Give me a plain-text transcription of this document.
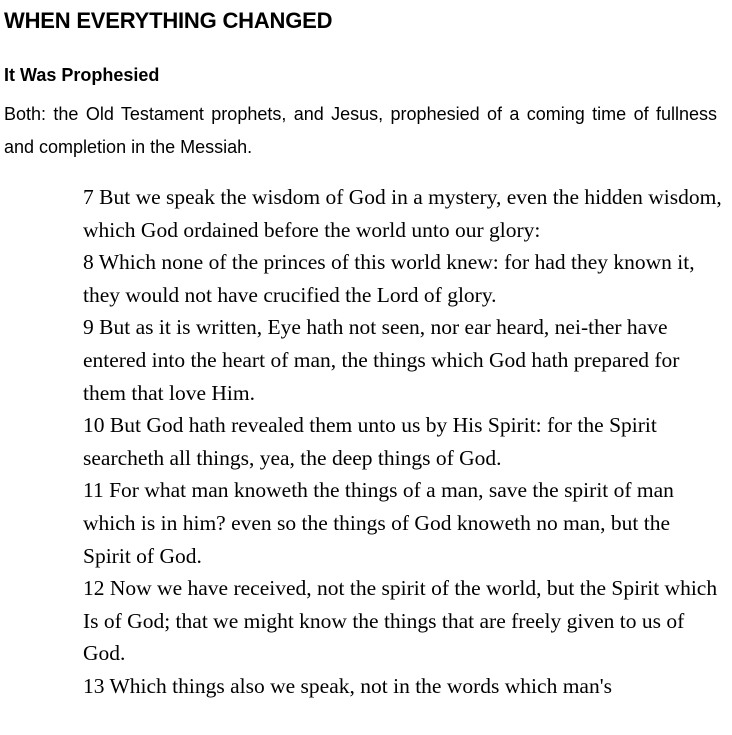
WHEN EVERYTHING CHANGED
It Was Prophesied

Both: the Old Testament prophets, and Jesus, prophesied of a coming time of fullness and completion in the Messiah.

7 But we speak the wisdom of God in a mystery, even the hidden wisdom, which God ordained before the world unto our glory:

8 Which none of the princes of this world knew: for had they known it, they would not have crucified the Lord of glory.

9 But as it is written, Eye hath not seen, nor ear heard, nei-ther have entered into the heart of man, the things which God hath prepared for them that love Him.

10 But God hath revealed them unto us by His Spirit: for the Spirit searcheth all things, yea, the deep things of God.

11 For what man knoweth the things of a man, save the spirit of man which is in him? even so the things of God knoweth no man, but the Spirit of God.

12 Now we have received, not the spirit of the world, but the Spirit which Is of God; that we might know the things that are freely given to us of God.

13 Which things also we speak, not in the words which man's
